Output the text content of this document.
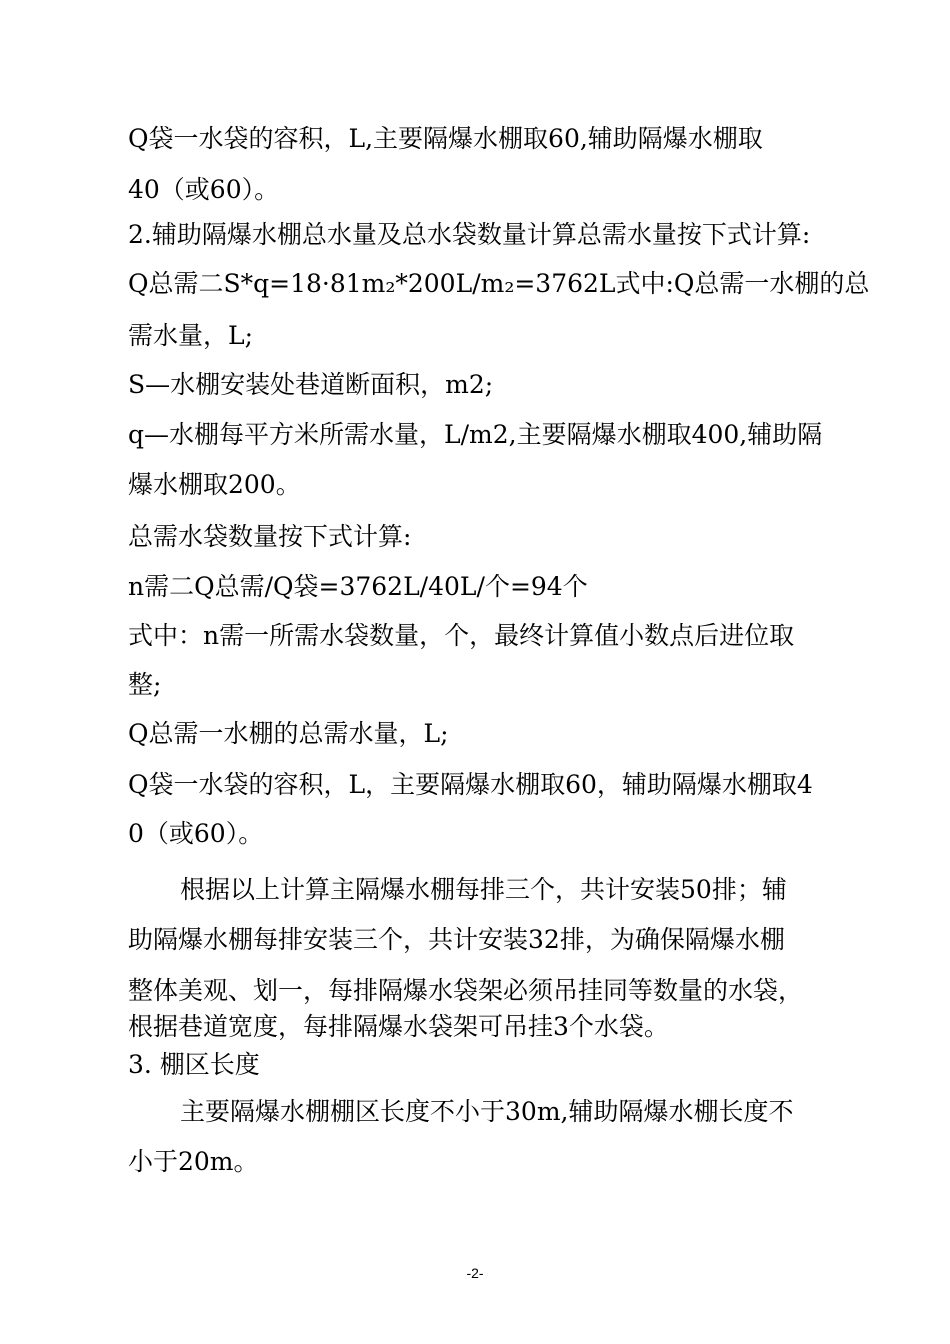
Q袋一水袋的容积，L,主要隔爆水棚取60,辅助隔爆水棚取
40（或60）。
2.辅助隔爆水棚总水量及总水袋数量计算总需水量按下式计算:
Q总需二S*q=18·81m₂*200L/m₂=3762L式中:Q总需一水棚的总
需水量，L;
S—水棚安装处巷道断面积，m2;
q—水棚每平方米所需水量，L/m2,主要隔爆水棚取400,辅助隔
爆水棚取200。
总需水袋数量按下式计算:
n需二Q总需/Q袋=3762L/40L/个=94个
式中：n需一所需水袋数量，个，最终计算值小数点后进位取
整;
Q总需一水棚的总需水量，L;
Q袋一水袋的容积，L，主要隔爆水棚取60，辅助隔爆水棚取4
0（或60）。
根据以上计算主隔爆水棚每排三个，共计安装50排；辅
助隔爆水棚每排安装三个，共计安装32排，为确保隔爆水棚
整体美观、划一，每排隔爆水袋架必须吊挂同等数量的水袋，
根据巷道宽度，每排隔爆水袋架可吊挂3个水袋。
3. 棚区长度
主要隔爆水棚棚区长度不小于30m,辅助隔爆水棚长度不
小于20m。
-2-
